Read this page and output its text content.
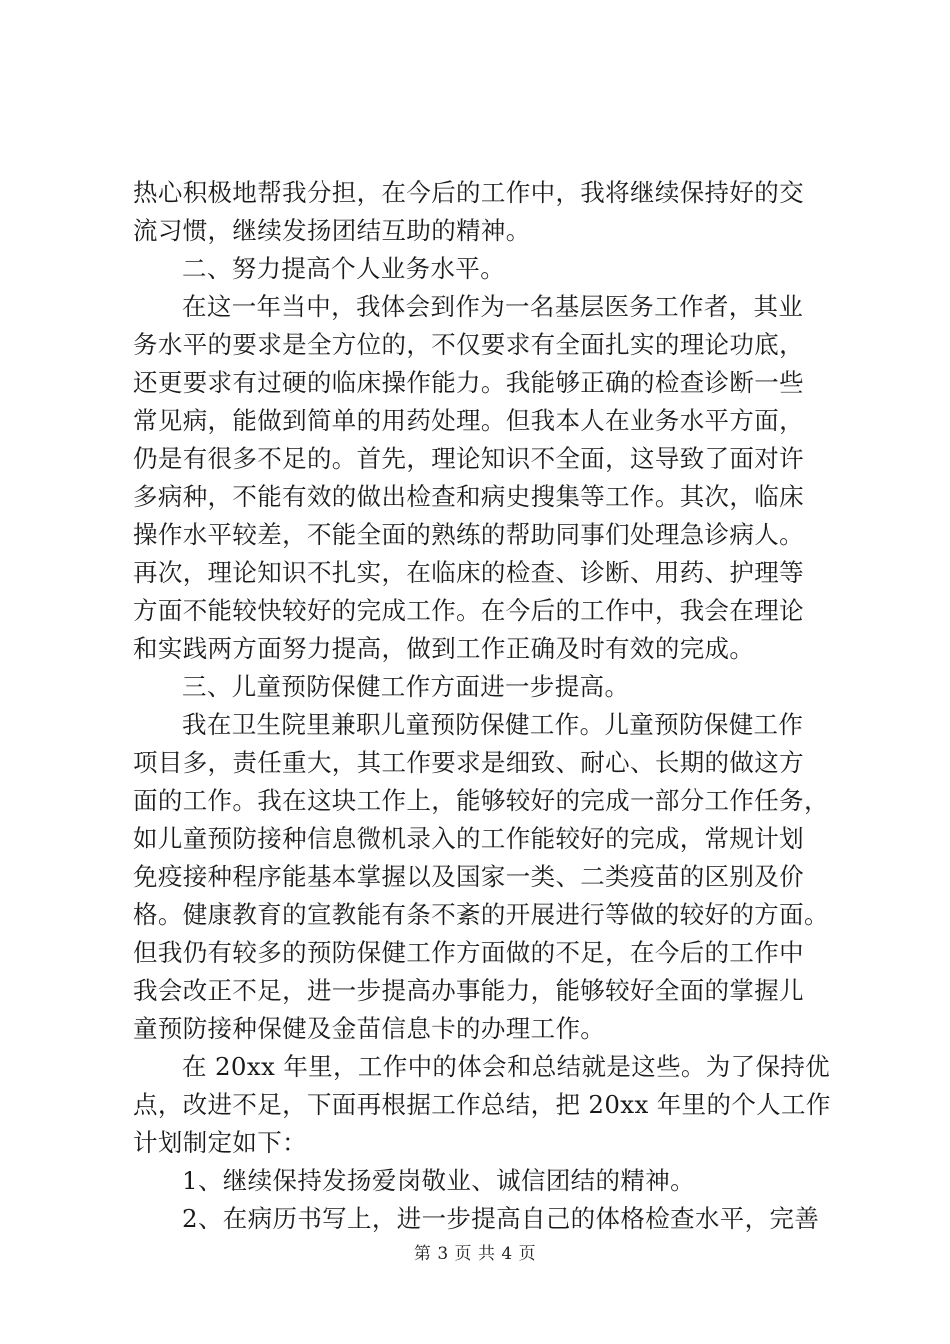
热心积极地帮我分担，在今后的工作中，我将继续保持好的交
流习惯，继续发扬团结互助的精神。
二、努力提高个人业务水平。
在这一年当中，我体会到作为一名基层医务工作者，其业
务水平的要求是全方位的，不仅要求有全面扎实的理论功底，
还更要求有过硬的临床操作能力。我能够正确的检查诊断一些
常见病，能做到简单的用药处理。但我本人在业务水平方面，
仍是有很多不足的。首先，理论知识不全面，这导致了面对许
多病种，不能有效的做出检查和病史搜集等工作。其次，临床
操作水平较差，不能全面的熟练的帮助同事们处理急诊病人。
再次，理论知识不扎实，在临床的检查、诊断、用药、护理等
方面不能较快较好的完成工作。在今后的工作中，我会在理论
和实践两方面努力提高，做到工作正确及时有效的完成。
三、儿童预防保健工作方面进一步提高。
我在卫生院里兼职儿童预防保健工作。儿童预防保健工作
项目多，责任重大，其工作要求是细致、耐心、长期的做这方
面的工作。我在这块工作上，能够较好的完成一部分工作任务，
如儿童预防接种信息微机录入的工作能较好的完成，常规计划
免疫接种程序能基本掌握以及国家一类、二类疫苗的区别及价
格。健康教育的宣教能有条不紊的开展进行等做的较好的方面。
但我仍有较多的预防保健工作方面做的不足，在今后的工作中
我会改正不足，进一步提高办事能力，能够较好全面的掌握儿
童预防接种保健及金苗信息卡的办理工作。
在 20xx 年里，工作中的体会和总结就是这些。为了保持优
点，改进不足，下面再根据工作总结，把 20xx 年里的个人工作
计划制定如下：
1、继续保持发扬爱岗敬业、诚信团结的精神。
2、在病历书写上，进一步提高自己的体格检查水平，完善
第 3 页 共 4 页
